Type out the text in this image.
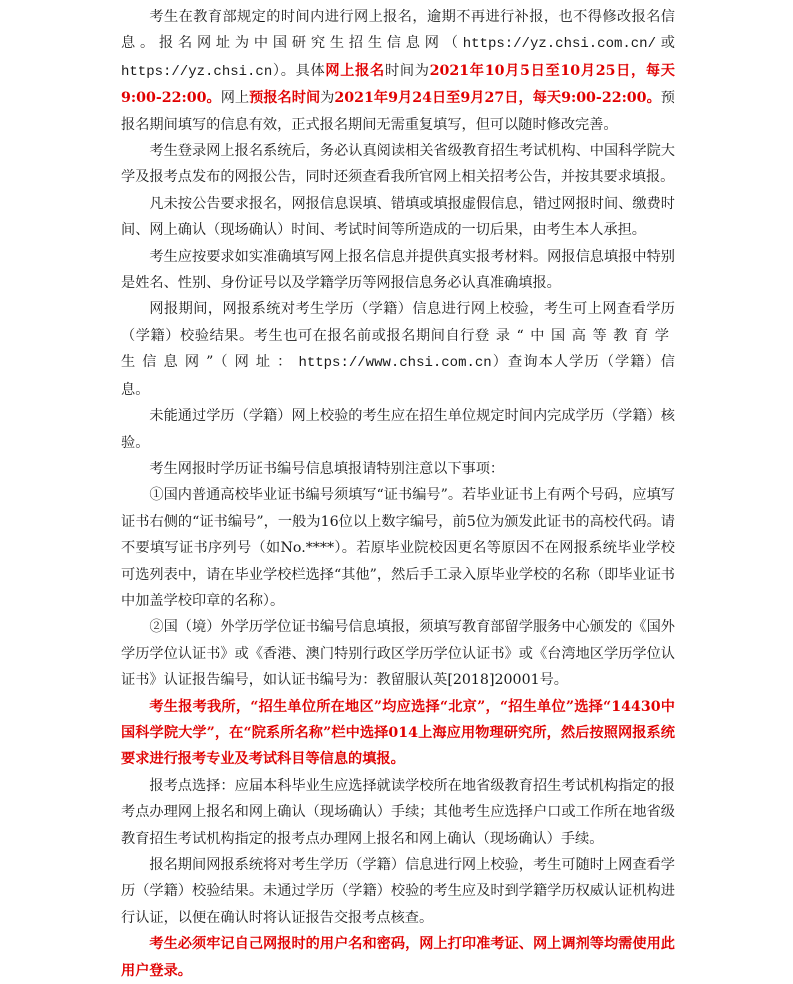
考生在教育部规定的时间内进行网上报名，逾期不再进行补报，也不得修改报名信息。报名网址为中国研究生招生信息网（https://yz.chsi.com.cn/或 https://yz.chsi.cn）。具体网上报名时间为2021年10月5日至10月25日，每天9:00-22:00。网上预报名时间为2021年9月24日至9月27日，每天9:00-22:00。预报名期间填写的信息有效，正式报名期间无需重复填写，但可以随时修改完善。

考生登录网上报名系统后，务必认真阅读相关省级教育招生考试机构、中国科学院大学及报考点发布的网报公告，同时还须查看我所官网上相关招考公告，并按其要求填报。

凡未按公告要求报名，网报信息误填、错填或填报虚假信息，错过网报时间、缴费时间、网上确认（现场确认）时间、考试时间等所造成的一切后果，由考生本人承担。

考生应按要求如实准确填写网上报名信息并提供真实报考材料。网报信息填报中特别是姓名、性别、身份证号以及学籍学历等网报信息务必认真准确填报。

网报期间，网报系统对考生学历（学籍）信息进行网上校验，考生可上网查看学历（学籍）校验结果。考生也可在报名前或报名期间自行登录“中国高等教育学生信息网”（网址：https://www.chsi.com.cn）查询本人学历（学籍）信息。

未能通过学历（学籍）网上校验的考生应在招生单位规定时间内完成学历（学籍）核验。

考生网报时学历证书编号信息填报请特别注意以下事项：

①国内普通高校毕业证书编号须填写“证书编号”。若毕业证书上有两个号码，应填写证书右侧的“证书编号”，一般为16位以上数字编号，前5位为颁发此证书的高校代码。请不要填写证书序列号（如No.****）。若原毕业院校因更名等原因不在网报系统毕业学校可选列表中，请在毕业学校栏选择“其他”，然后手工录入原毕业学校的名称（即毕业证书中加盖学校印章的名称）。

②国（境）外学历学位证书编号信息填报，须填写教育部留学服务中心颁发的《国外学历学位认证书》或《香港、澳门特别行政区学历学位认证书》或《台湾地区学历学位认证书》认证报告编号，如认证书编号为：教留服认英[2018]20001号。

考生报考我所，“招生单位所在地区”均应选择“北京”，“招生单位”选择“14430中国科学院大学”，在“院系所名称”栏中选择014上海应用物理研究所，然后按照网报系统要求进行报考专业及考试科目等信息的填报。

报考点选择：应届本科毕业生应选择就读学校所在地省级教育招生考试机构指定的报考点办理网上报名和网上确认（现场确认）手续；其他考生应选择户口或工作所在地省级教育招生考试机构指定的报考点办理网上报名和网上确认（现场确认）手续。

报名期间网报系统将对考生学历（学籍）信息进行网上校验，考生可随时上网查看学历（学籍）校验结果。未通过学历（学籍）校验的考生应及时到学籍学历权威认证机构进行认证，以便在确认时将认证报告交报考点核查。

考生必须牢记自己网报时的用户名和密码，网上打印准考证、网上调剂等均需使用此用户登录。
